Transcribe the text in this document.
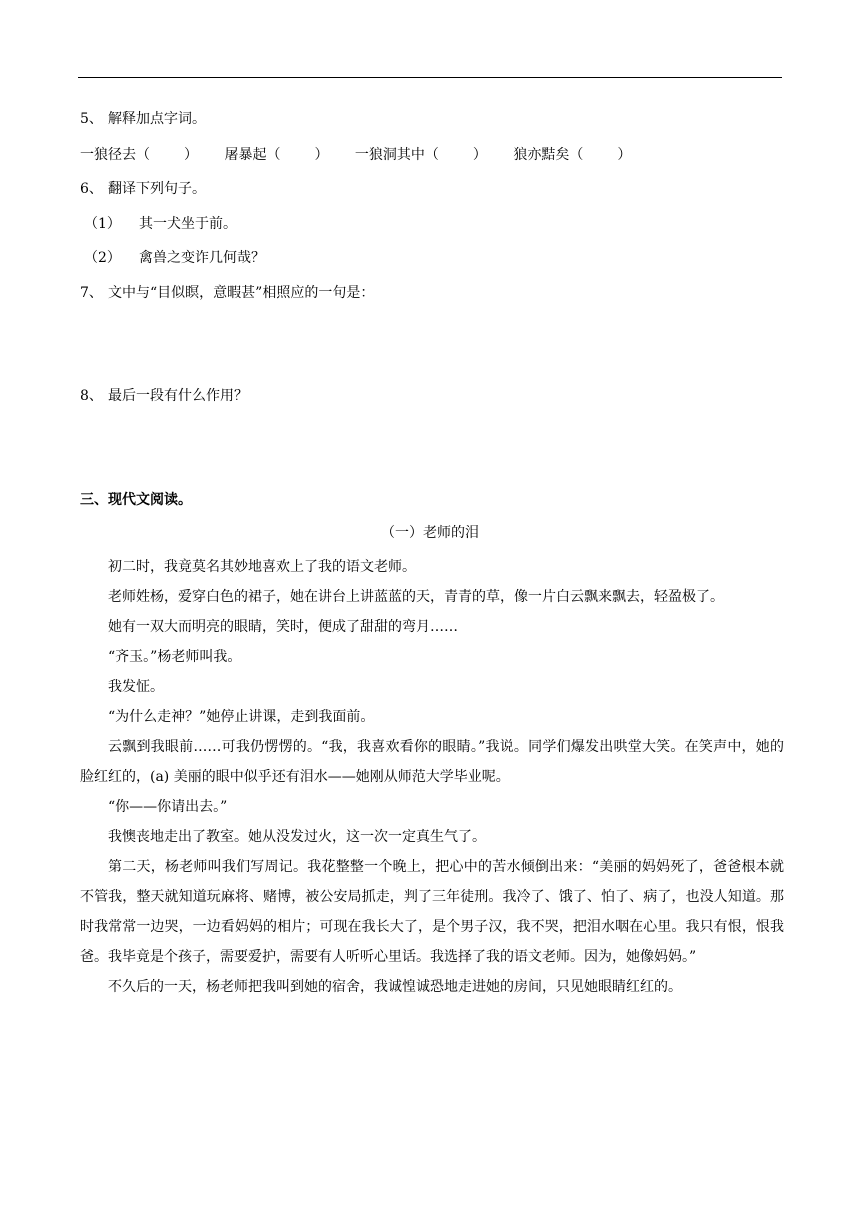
5、 解释加点字词。
一狼径去（ ） 屠暴起（ ） 一狼洞其中（ ） 狼亦黠矣（ ）
6、 翻译下列句子。
（1） 其一犬坐于前。
（2） 禽兽之变诈几何哉？
7、 文中与“目似瞑，意暇甚”相照应的一句是：
8、 最后一段有什么作用？
三、现代文阅读。
（一）老师的泪
初二时，我竟莫名其妙地喜欢上了我的语文老师。
老师姓杨，爱穿白色的裙子，她在讲台上讲蓝蓝的天，青青的草，像一片白云飘来飘去，轻盈极了。
她有一双大而明亮的眼睛，笑时，便成了甜甜的弯月……
“齐玉。”杨老师叫我。
我发怔。
“为什么走神？”她停止讲课，走到我面前。
云飘到我眼前……可我仍愣愣的。“我，我喜欢看你的眼睛。”我说。同学们爆发出哄堂大笑。在笑声中，她的脸红红的，(a) 美丽的眼中似乎还有泪水——她刚从师范大学毕业呢。
“你——你请出去。”
我懊丧地走出了教室。她从没发过火，这一次一定真生气了。
第二天，杨老师叫我们写周记。我花整整一个晚上，把心中的苦水倾倒出来：“美丽的妈妈死了，爸爸根本就不管我，整天就知道玩麻将、赌博，被公安局抓走，判了三年徒刑。我冷了、饿了、怕了、病了，也没人知道。那时我常常一边哭，一边看妈妈的相片；可现在我长大了，是个男子汉，我不哭，把泪水咽在心里。我只有恨，恨我爸。我毕竟是个孩子，需要爱护，需要有人听听心里话。我选择了我的语文老师。因为，她像妈妈。”
不久后的一天，杨老师把我叫到她的宿舍，我诚惶诚恐地走进她的房间，只见她眼睛红红的。
